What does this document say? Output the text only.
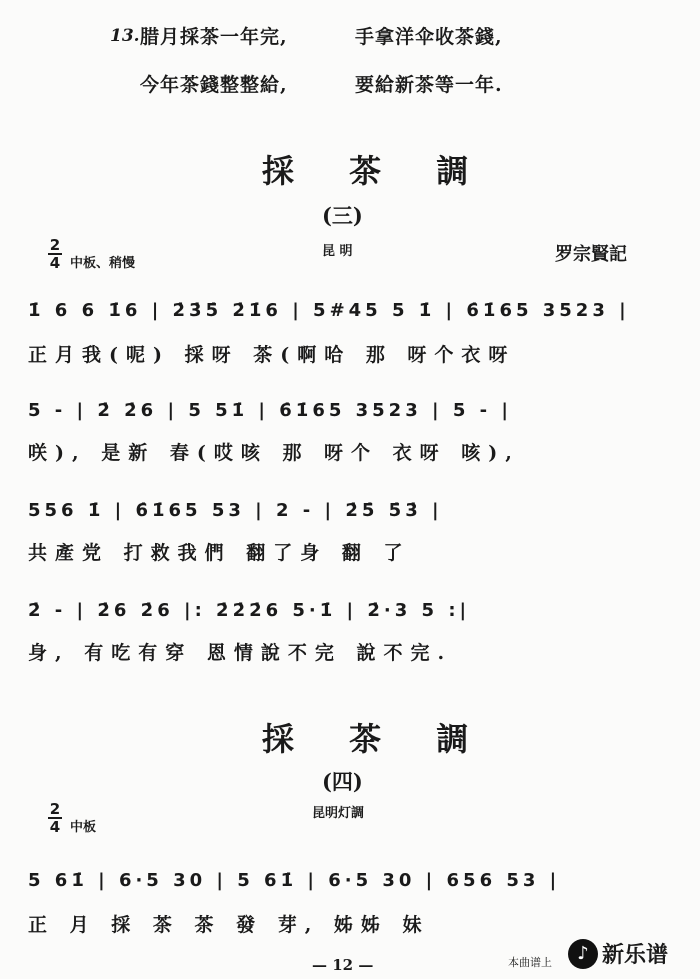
13. 腊月採茶一年完,	手拿洋伞收茶錢,
今年茶錢整整給,	要給新茶等一年.
採 茶 調
(三)
2
4 中板、稍慢
昆 明	罗宗賢記
1̇ 6 6 1̇6 | 2̇3̇5̇ 2̇1̇6 | 5#45 5 1̇ | 6̇1̇65 3523 |
正月我(呢) 採呀 茶(啊哈 那 呀个衣呀
5 - | 2̇ 2̇6 | 5 51̇ | 6̇1̇65 3523 | 5 - |
咲), 是新 春(哎咳 那 呀个 衣呀 咳),
556 1̇ | 6̇1̇65 53 | 2 - | 2̇5̇ 5̇3̇ |
共產党 打救我們 翻了身 翻 了
2̇ - | 2̇6 2̇6 |: 2̇2̇2̇6 5·1̇ | 2̇·3 5 :|
身, 有吃有穿 恩情說不完 說不完.
採 茶 調
(四)
2
4 中板
昆明灯調
5 61̇ | 6·5 30 | 5 61̇ | 6·5 30 | 656 53 |
正 月 採 茶 茶 發 芽, 姊姊 妹
— 12 —	本曲谱上	♪ 新乐谱
